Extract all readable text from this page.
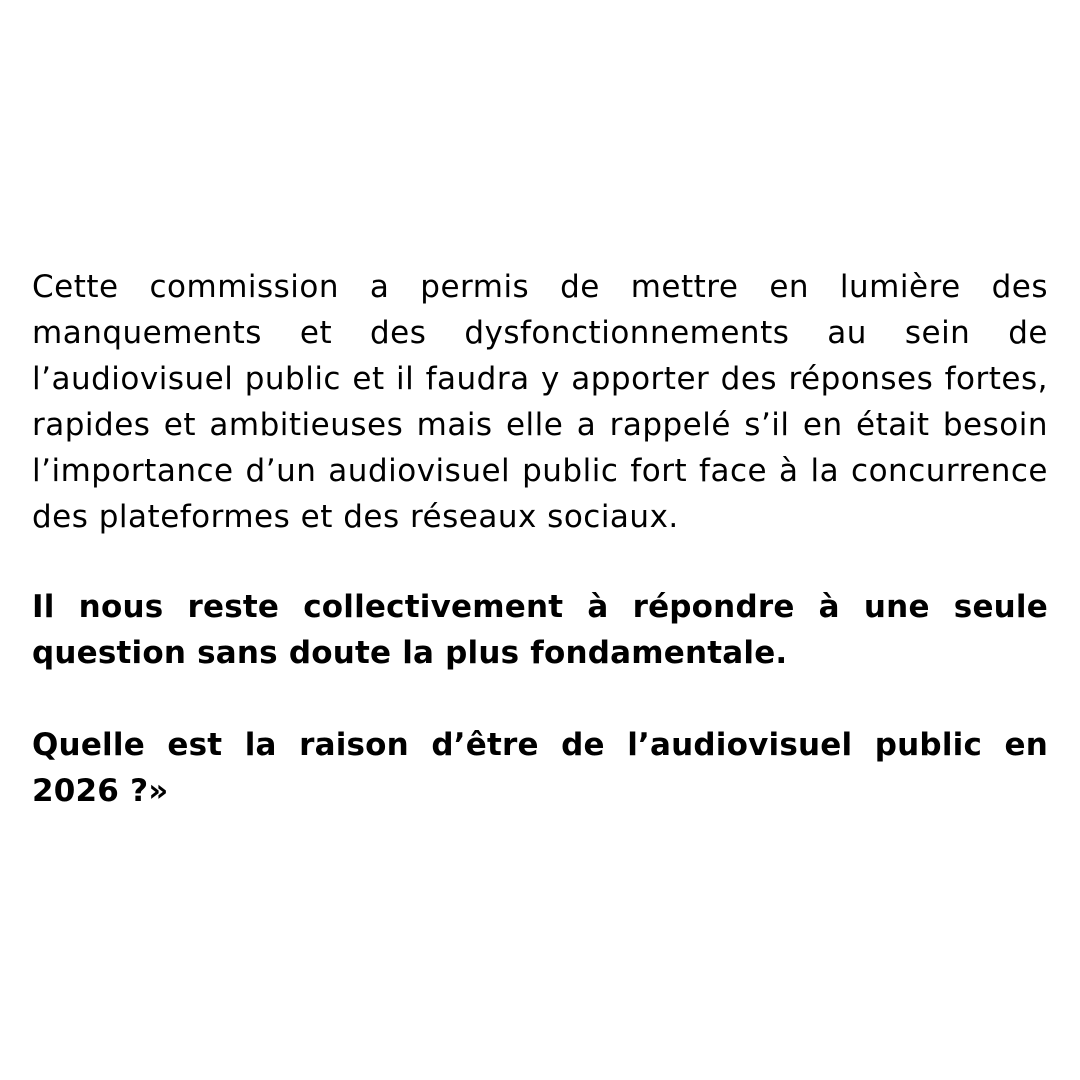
Cette commission a permis de mettre en lumière des manquements et des dysfonctionnements au sein de l’audiovisuel public et il faudra y apporter des réponses fortes, rapides et ambitieuses mais elle a rappelé s’il en était besoin l’importance d’un audiovisuel public fort face à la concurrence des plateformes et des réseaux sociaux.

Il nous reste collectivement à répondre à une seule question sans doute la plus fondamentale.

Quelle est la raison d’être de l’audiovisuel public en 2026 ?»
